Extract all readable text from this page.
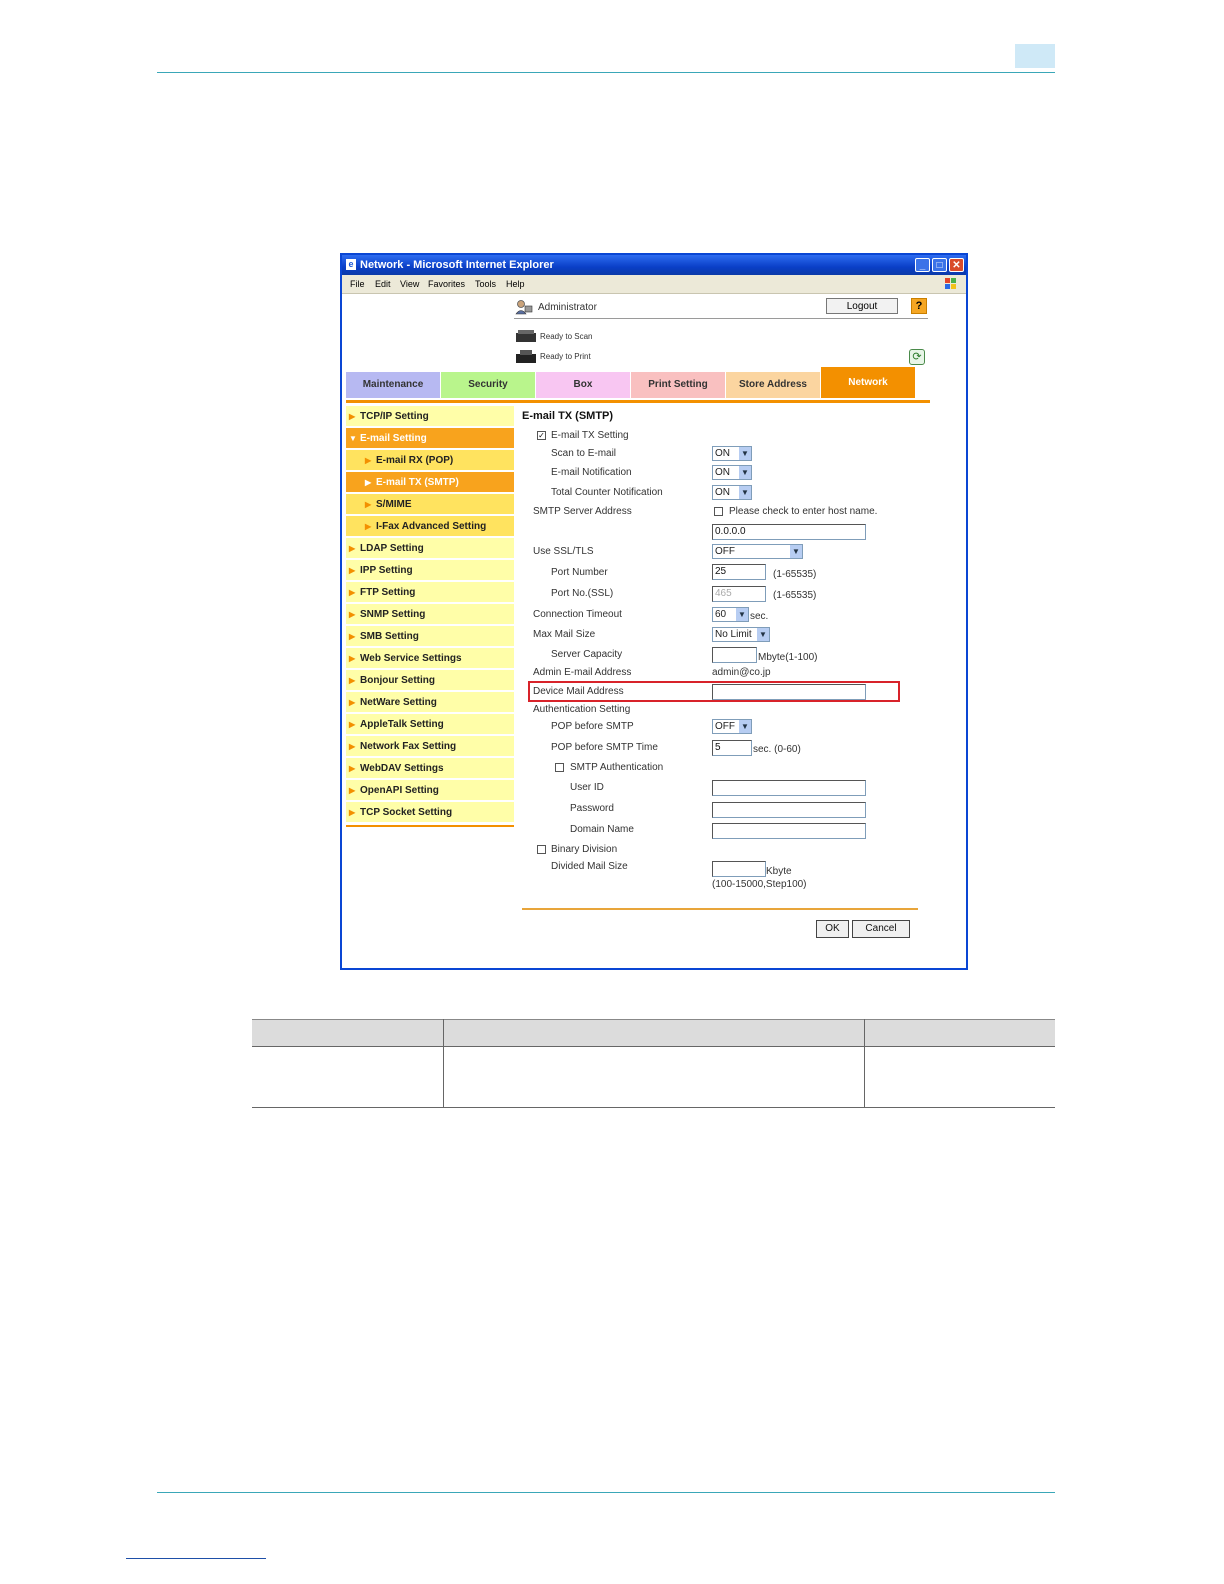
e Network - Microsoft Internet Explorer	_	□ ✕
File Edit View Favorites Tools Help
Administrator	Logout	?
Ready to Scan
Ready to Print	⟳
Maintenance	Security	Box	Print Setting	Store Address	Network
▶ TCP/IP Setting
▼ E-mail Setting
▶ E-mail RX (POP)
▶ E-mail TX (SMTP)
▶ S/MIME
▶ I-Fax Advanced Setting
▶ LDAP Setting
▶ IPP Setting
▶ FTP Setting
▶ SNMP Setting
▶ SMB Setting
▶ Web Service Settings
▶ Bonjour Setting
▶ NetWare Setting
▶ AppleTalk Setting
▶ Network Fax Setting
▶ WebDAV Settings
▶ OpenAPI Setting
▶ TCP Socket Setting
E-mail TX (SMTP)
✓ E-mail TX Setting
Scan to E-mail	ON ▼
E-mail Notification	ON ▼
Total Counter Notification	ON ▼
SMTP Server Address	Please check to enter host name.
0.0.0.0
Use SSL/TLS	OFF	▼
Port Number	25	(1-65535)
Port No.(SSL)	465	(1-65535)
Connection Timeout	60 ▼ sec.
Max Mail Size	No Limit ▼
Server Capacity	Mbyte(1-100)
Admin E-mail Address	admin@co.jp
Device Mail Address
Authentication Setting
POP before SMTP	OFF ▼
POP before SMTP Time	5	sec. (0-60)
SMTP Authentication
User ID
Password
Domain Name
Binary Division
Divided Mail Size	Kbyte
(100-15000,Step100)
OK	Cancel
